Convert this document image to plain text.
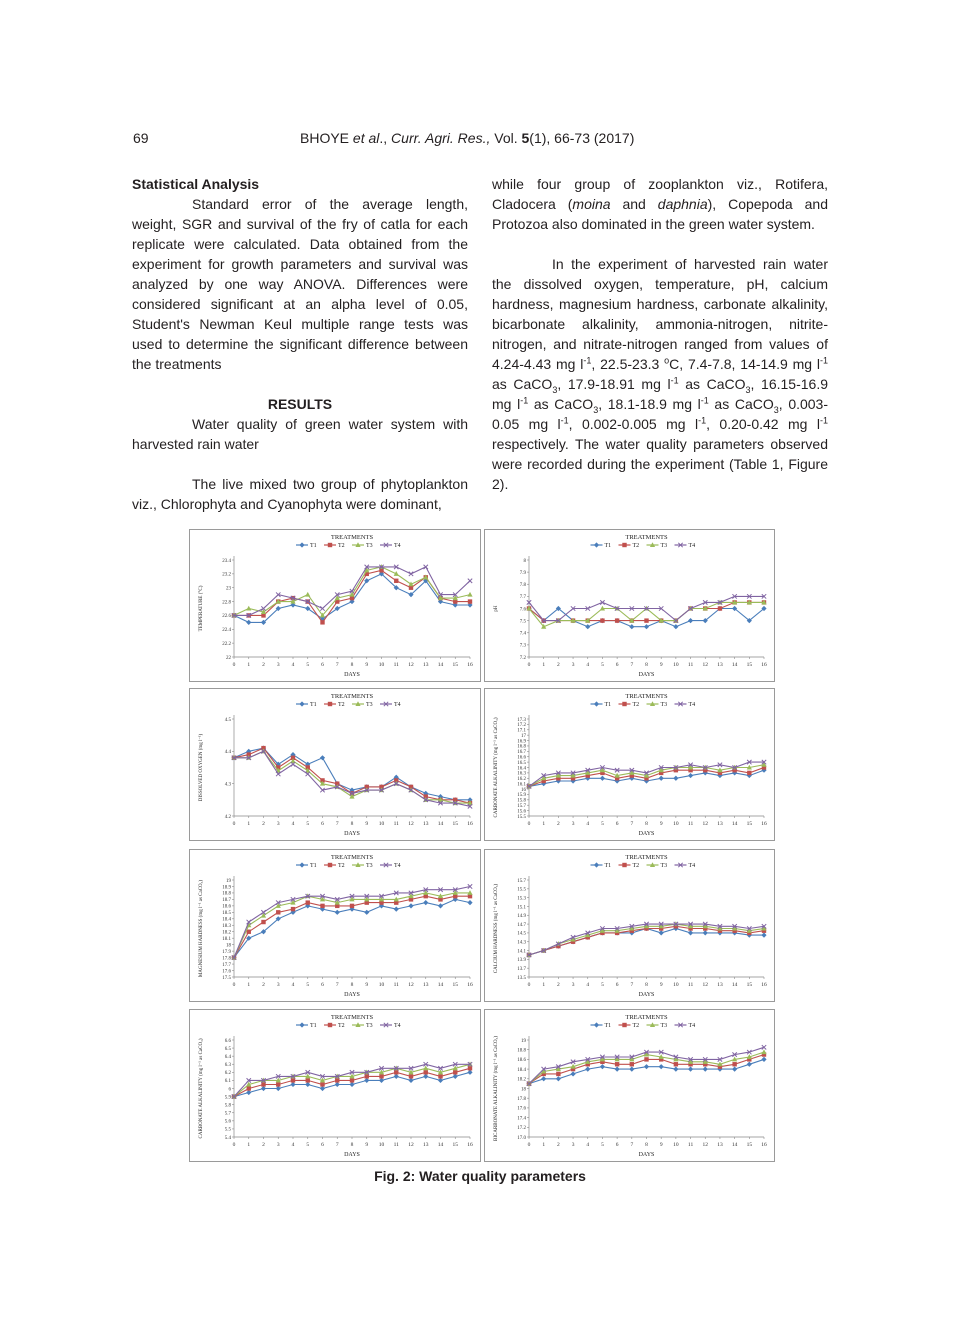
69	BHOYE et al., Curr. Agri. Res., Vol. 5(1), 66-73 (2017)

Statistical Analysis

Standard error of the average length, weight, SGR and survival of the fry of catla for each replicate were calculated. Data obtained from the experiment for growth parameters and survival was analyzed by one way ANOVA. Differences were considered significant at an alpha level of 0.05, Student's Newman Keul multiple range tests was used to determine the significant difference between the treatments

RESULTS

Water quality of green water system with harvested rain water

The live mixed two group of phytoplankton viz., Chlorophyta and Cyanophyta were dominant,

while four group of zooplankton viz., Rotifera, Cladocera (moina and daphnia), Copepoda and Protozoa also dominated in the green water system.

In the experiment of harvested rain water the dissolved oxygen, temperature, pH, calcium hardness, magnesium hardness, carbonate alkalinity, bicarbonate alkalinity, ammonia-nitrogen, nitrite-nitrogen, and nitrate-nitrogen ranged from values of 4.24-4.43 mg $l^{-1}$, 22.5-23.3 $^o$C, 7.4-7.8, 14-14.9 mg $l^{-1}$ as CaCO$_3$, 17.9-18.91 mg $l^{-1}$ as CaCO$_3$, 16.15-16.9 mg $l^{-1}$ as CaCO$_3$, 18.1-18.9 mg $l^{-1}$ as CaCO$_3$, 0.003-0.05 mg $l^{-1}$, 0.002-0.005 mg $l^{-1}$, 0.20-0.42 mg $l^{-1}$ respectively. The water quality parameters observed were recorded during the experiment (Table 1, Figure 2).

TREATMENTS
T1	T2	T3	T4
22
22.2
22.4
22.6
22.8
23
23.2
23.4
0 1 2 3 4 5 6 7 8 9 10 11 12 13 14 15 16
DAYS
TEMPERATURE (°C)
TREATMENTS
T1	T2	T3	T4
7.2
7.3
7.4
7.5
7.6
7.7
7.8
7.9
8
0 1 2 3 4 5 6 7 8 9 10 11 12 13 14 15 16
DAYS
pH
TREATMENTS
T1	T2	T3	T4
4.2
4.3
4.4
4.5
0 1 2 3 4 5 6 7 8 9 10 11 12 13 14 15 16
DAYS
DISSOLVED OXYGEN (mg l⁻¹)
TREATMENTS
T1	T2	T3	T4
15.5
15.6
15.7
15.8
15.9
16
16.1
16.2
16.3
16.4
16.5
16.6
16.7
16.8
16.9
17
17.1
17.2
17.3
0 1 2 3 4 5 6 7 8 9 10 11 12 13 14 15 16
DAYS
CARBONATE ALKALINITY (mg l⁻¹ as CaCO₃)
TREATMENTS
T1	T2	T3	T4
17.5
17.6
17.7
17.8
17.9
18
18.1
18.2
18.3
18.4
18.5
18.6
18.7
18.8
18.9
19
0 1 2 3 4 5 6 7 8 9 10 11 12 13 14 15 16
DAYS
MAGNESIUM HARDNESS (mg l⁻¹ as CaCO₃)
TREATMENTS
T1	T2	T3	T4
13.5
13.7
13.9
14.1
14.3
14.5
14.7
14.9
15.1
15.3
15.5
15.7
0 1 2 3 4 5 6 7 8 9 10 11 12 13 14 15 16
DAYS
CALCIUM HARDNESS (mg l⁻¹ as CaCO₃)
TREATMENTS
T1	T2	T3	T4
5.4
5.5
5.6
5.7
5.8
5.9
6
6.1
6.2
6.3
6.4
6.5
6.6
0 1 2 3 4 5 6 7 8 9 10 11 12 13 14 15 16
DAYS
CARBONATE ALKALINITY (mg l⁻¹ as CaCO₃)
TREATMENTS
T1	T2	T3	T4
17.0
17.2
17.4
17.6
17.8
18
18.2
18.4
18.6
18.8
19
0 1 2 3 4 5 6 7 8 9 10 11 12 13 14 15 16
DAYS
BICARBONATE ALKALINITY (mg l⁻¹ as CaCO₃)
Fig. 2: Water quality parameters
